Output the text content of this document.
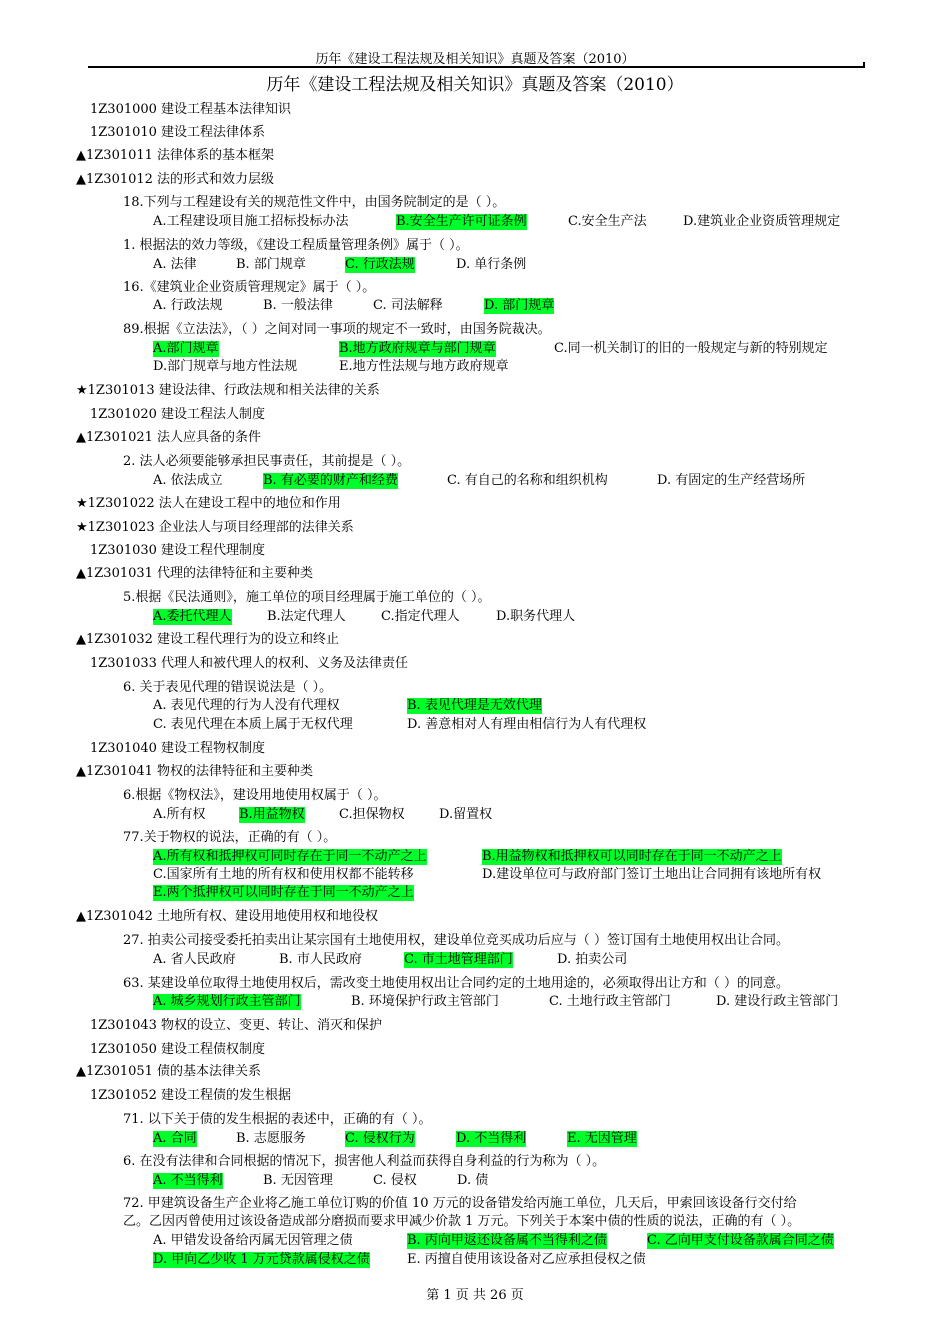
历年《建设工程法规及相关知识》真题及答案（2010）
历年《建设工程法规及相关知识》真题及答案（2010）
1Z301000 建设工程基本法律知识
1Z301010 建设工程法律体系
▲1Z301011 法律体系的基本框架
▲1Z301012 法的形式和效力层级
18.下列与工程建设有关的规范性文件中，由国务院制定的是（ ）。
A.工程建设项目施工招标投标办法	B.安全生产许可证条例	C.安全生产法	D.建筑业企业资质管理规定
1. 根据法的效力等级，《建设工程质量管理条例》属于（ ）。
A. 法律	B. 部门规章	C. 行政法规	D. 单行条例
16.《建筑业企业资质管理规定》属于（ ）。
A. 行政法规	B. 一般法律	C. 司法解释	D. 部门规章
89.根据《立法法》，（ ）之间对同一事项的规定不一致时，由国务院裁决。
A.部门规章	B.地方政府规章与部门规章	C.同一机关制订的旧的一般规定与新的特别规定
D.部门规章与地方性法规	E.地方性法规与地方政府规章
★1Z301013 建设法律、行政法规和相关法律的关系
1Z301020 建设工程法人制度
▲1Z301021 法人应具备的条件
2. 法人必须要能够承担民事责任，其前提是（ ）。
A. 依法成立	B. 有必要的财产和经费	C. 有自己的名称和组织机构	D. 有固定的生产经营场所
★1Z301022 法人在建设工程中的地位和作用
★1Z301023 企业法人与项目经理部的法律关系
1Z301030 建设工程代理制度
▲1Z301031 代理的法律特征和主要种类
5.根据《民法通则》，施工单位的项目经理属于施工单位的（ ）。
A.委托代理人	B.法定代理人	C.指定代理人	D.职务代理人
▲1Z301032 建设工程代理行为的设立和终止
1Z301033 代理人和被代理人的权利、义务及法律责任
6. 关于表见代理的错误说法是（ ）。
A. 表见代理的行为人没有代理权	B. 表见代理是无效代理
C. 表见代理在本质上属于无权代理	D. 善意相对人有理由相信行为人有代理权
1Z301040 建设工程物权制度
▲1Z301041 物权的法律特征和主要种类
6.根据《物权法》，建设用地使用权属于（ ）。
A.所有权	B.用益物权	C.担保物权	D.留置权
77.关于物权的说法，正确的有（ ）。
A.所有权和抵押权可同时存在于同一不动产之上	B.用益物权和抵押权可以同时存在于同一不动产之上
C.国家所有土地的所有权和使用权都不能转移	D.建设单位可与政府部门签订土地出让合同拥有该地所有权
E.两个抵押权可以同时存在于同一不动产之上
▲1Z301042 土地所有权、建设用地使用权和地役权
27. 拍卖公司接受委托拍卖出让某宗国有土地使用权，建设单位竞买成功后应与（ ）签订国有土地使用权出让合同。
A. 省人民政府	B. 市人民政府	C. 市土地管理部门	D. 拍卖公司
63. 某建设单位取得土地使用权后，需改变土地使用权出让合同约定的土地用途的，必须取得出让方和（ ）的同意。
A. 城乡规划行政主管部门	B. 环境保护行政主管部门	C. 土地行政主管部门	D. 建设行政主管部门
1Z301043 物权的设立、变更、转让、消灭和保护
1Z301050 建设工程债权制度
▲1Z301051 债的基本法律关系
1Z301052 建设工程债的发生根据
71. 以下关于债的发生根据的表述中，正确的有（ ）。
A. 合同	B. 志愿服务	C. 侵权行为	D. 不当得利	E. 无因管理
6. 在没有法律和合同根据的情况下，损害他人利益而获得自身利益的行为称为（ ）。
A. 不当得利	B. 无因管理	C. 侵权	D. 债
72. 甲建筑设备生产企业将乙施工单位订购的价值 10 万元的设备错发给丙施工单位，几天后，甲索回该设备行交付给
乙。乙因丙曾使用过该设备造成部分磨损而要求甲减少价款 1 万元。下列关于本案中债的性质的说法，正确的有（ ）。
A. 甲错发设备给丙属无因管理之债	B. 丙向甲返还设备属不当得利之债	C. 乙向甲支付设备款属合同之债
D. 甲向乙少收 1 万元贷款属侵权之债	E. 丙擅自使用该设备对乙应承担侵权之债
第 1 页 共 26 页
